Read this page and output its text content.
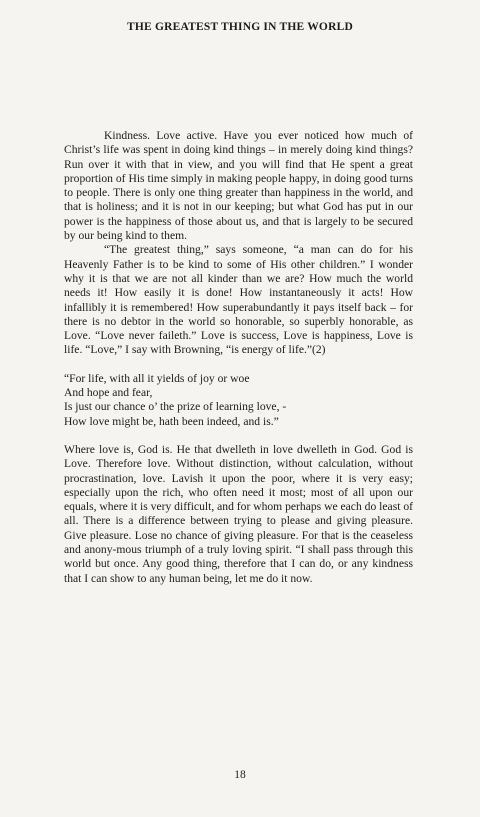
THE GREATEST THING IN THE WORLD

Kindness. Love active. Have you ever noticed how much of Christ’s life was spent in doing kind things – in merely doing kind things? Run over it with that in view, and you will find that He spent a great proportion of His time simply in making people happy, in doing good turns to people. There is only one thing greater than happiness in the world, and that is holiness; and it is not in our keeping; but what God has put in our power is the happiness of those about us, and that is largely to be secured by our being kind to them.

“The greatest thing,” says someone, “a man can do for his Heavenly Father is to be kind to some of His other children.” I wonder why it is that we are not all kinder than we are? How much the world needs it! How easily it is done! How instantaneously it acts! How infallibly it is remembered! How superabundantly it pays itself back – for there is no debtor in the world so honorable, so superbly honorable, as Love. “Love never faileth.” Love is success, Love is happiness, Love is life. “Love,” I say with Browning, “is energy of life.”(2)

“For life, with all it yields of joy or woe
And hope and fear,
Is just our chance o’ the prize of learning love, -
How love might be, hath been indeed, and is.”

Where love is, God is. He that dwelleth in love dwelleth in God. God is Love. Therefore love. Without distinction, without calculation, without procrastination, love. Lavish it upon the poor, where it is very easy; especially upon the rich, who often need it most; most of all upon our equals, where it is very difficult, and for whom perhaps we each do least of all. There is a difference between trying to please and giving pleasure. Give pleasure. Lose no chance of giving pleasure. For that is the ceaseless and anony-mous triumph of a truly loving spirit. “I shall pass through this world but once. Any good thing, therefore that I can do, or any kindness that I can show to any human being, let me do it now.

18
